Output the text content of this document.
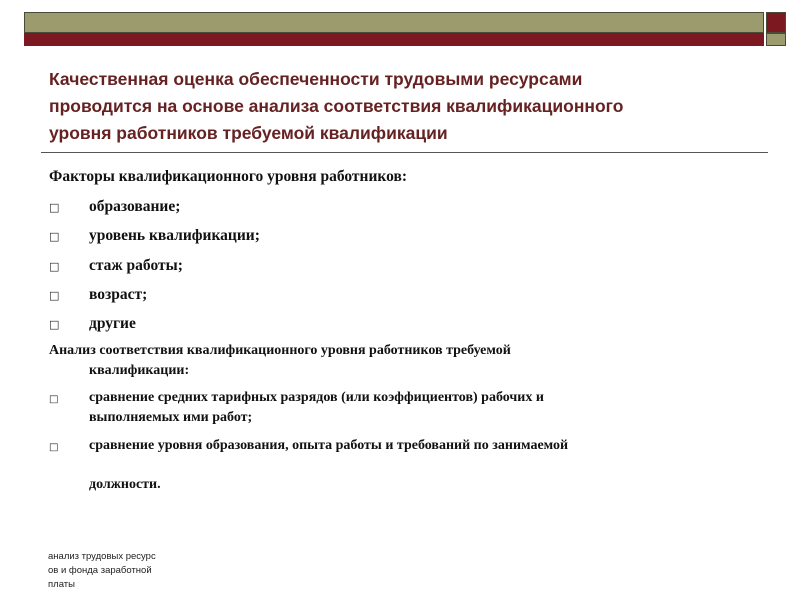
Качественная оценка обеспеченности трудовыми ресурсами
проводится на основе анализа соответствия квалификационного
уровня работников требуемой квалификации
Факторы квалификационного уровня работников:
□ образование;
□ уровень квалификации;
□ стаж работы;
□ возраст;
□ другие
Анализ соответствия квалификационного уровня работников требуемой
квалификации:
□	сравнение средних тарифных разрядов (или коэффициентов) рабочих и
выполняемых ими работ;
□	сравнение уровня образования, опыта работы и требований по занимаемой
должности.
анализ трудовых ресурс
ов и фонда заработной
платы
